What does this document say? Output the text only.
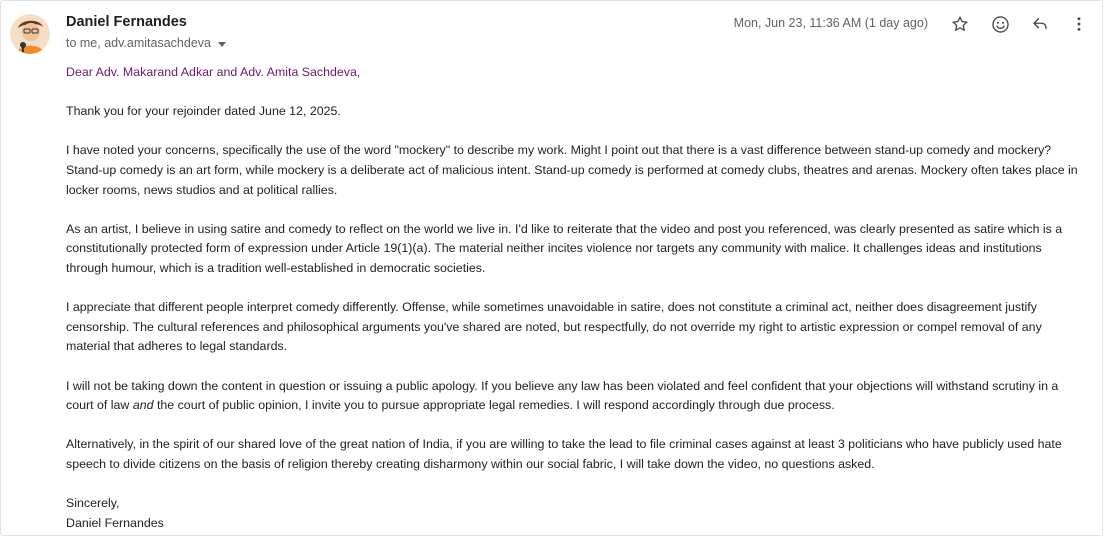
Daniel Fernandes
to me, adv.amitasachdeva
Mon, Jun 23, 11:36 AM (1 day ago)

Dear Adv. Makarand Adkar and Adv. Amita Sachdeva,

Thank you for your rejoinder dated June 12, 2025.

I have noted your concerns, specifically the use of the word "mockery" to describe my work. Might I point out that there is a vast difference between stand-up comedy and mockery? Stand-up comedy is an art form, while mockery is a deliberate act of malicious intent. Stand-up comedy is performed at comedy clubs, theatres and arenas. Mockery often takes place in locker rooms, news studios and at political rallies.

As an artist, I believe in using satire and comedy to reflect on the world we live in. I'd like to reiterate that the video and post you referenced, was clearly presented as satire which is a constitutionally protected form of expression under Article 19(1)(a). The material neither incites violence nor targets any community with malice. It challenges ideas and institutions through humour, which is a tradition well-established in democratic societies.

I appreciate that different people interpret comedy differently. Offense, while sometimes unavoidable in satire, does not constitute a criminal act, neither does disagreement justify censorship. The cultural references and philosophical arguments you've shared are noted, but respectfully, do not override my right to artistic expression or compel removal of any material that adheres to legal standards.

I will not be taking down the content in question or issuing a public apology. If you believe any law has been violated and feel confident that your objections will withstand scrutiny in a court of law and the court of public opinion, I invite you to pursue appropriate legal remedies. I will respond accordingly through due process.

Alternatively, in the spirit of our shared love of the great nation of India, if you are willing to take the lead to file criminal cases against at least 3 politicians who have publicly used hate speech to divide citizens on the basis of religion thereby creating disharmony within our social fabric, I will take down the video, no questions asked.

Sincerely,

Daniel Fernandes
